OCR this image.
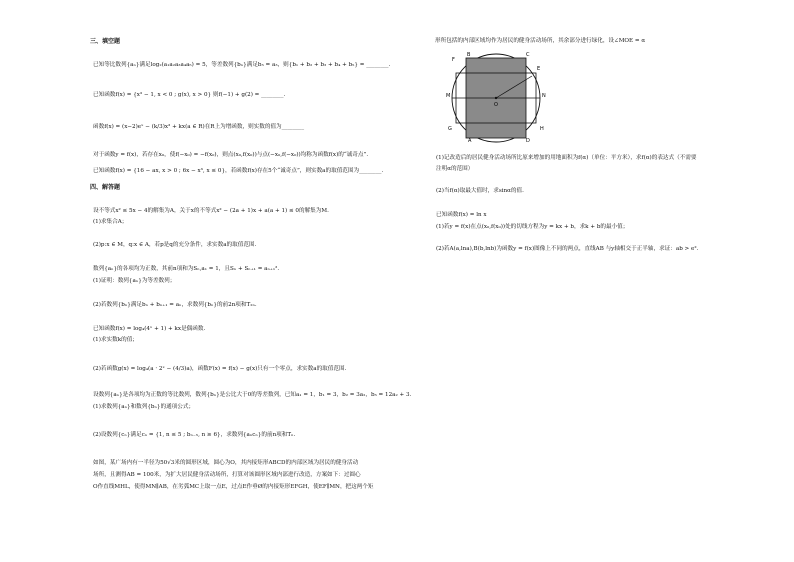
三、填空题
已知等比数列{aₙ}满足log₂(a₁a₂a₃a₄a₅) = 5，等差数列{bₙ}满足b₃ = a₃，则{b₁ + b₂ + b₃ + b₄ + b₅} = ________.
已知函数f(x) = {x³ − 1, x < 0 ; g(x), x > 0} 则f(−1) + g(2) = ________.
函数f(x) = (x−2)eˣ − (k/3)x³ + kx(a ∈ R)在R上为增函数，则实数的值为________
对于函数y = f(x)，若存在x₀，使f(−x₀) = −f(x₀)，则点(x₀,f(x₀))与点(−x₀,f(−x₀))均称为函数f(x)的“诚奇点”.
已知函数f(x) = {16 − ax, x > 0 ; 6x − x³, x ≤ 0}，若函数f(x)存在5个“诚奇点”，则实数a的取值范围为________.
四、解答题
设不等式x² ≤ 5x − 4的解集为A，关于x的不等式x² − (2a + 1)x + a(a + 1) ≤ 0的解集为M.
(1)求集合A；
(2)p:x ∈ M，q:x ∈ A，若p是q的充分条件，求实数a的取值范围.
数列{aₙ}的各项均为正数，其前n项和为Sₙ,a₁ = 1，且Sₙ + Sₙ₊₁ = aₙ₊₁².
(1)证明：数列{aₙ}为等差数列；
(2)若数列{bₙ}满足bₙ + bₙ₊₁ = aₙ，求数列{bₙ}的前2n项和T₂ₙ.
已知函数f(x) = log₄(4ˣ + 1) + kx是偶函数.
(1)求实数k的值；
(2)若函数g(x) = log₄(a · 2ˣ − (4/3)a)，函数F(x) = f(x) − g(x)只有一个零点，求实数a的取值范围.
设数列{aₙ}是各项均为正数的等比数列，数列{bₙ}是公比大于0的等差数列，已知a₁ = 1，b₁ = 3，b₂ = 3a₂，b₃ = 12a₂ + 3.
(1)求数列{aₙ}和数列{bₙ}的通项公式；
(2)设数列{cₙ}满足cₙ = {1, n ≤ 5 ; bₙ₋₅, n ≥ 6}，求数列{aₙcₙ}的前n项和Tₙ.
如图，某广场内有一半径为50√3米的圆形区域，圆心为O，其内接矩形ABCD的内部区域为居民的健身活动
场所，且测得AB = 100米，为扩大居民健身活动场所，打算对该圆形区域内部进行改造，方案如下：过圆心
O作直线MHL，使得MN∥AB，在劣弧MC上取一点E，过点E作垂Ø的内接矩形EFGH，使EF∥MN，把这两个矩
形所包括的内部区域均作为居民的健身活动场所，其余部分进行绿化，设∠MOE = α
F
B	C
E
M	N
O
A	D
G	H
(1)记改造后的居民健身活动场所比原来增加的用地面积为f(α)（单位：平方米），求f(α)的表达式（不需要
注明α的范围）
(2)当f(α)取最大值时，求sinα的值.
已知函数f(x) = ln x
(1)若y = f(x)在点(x₀,f(x₀))处的切线方程为y = kx + b，求k + b的最小值；
(2)若A(a,lna),B(b,lnb)为函数y = f(x)图像上不同的两点，直线AB 与y轴相交于正半轴，求证：ab > e².
